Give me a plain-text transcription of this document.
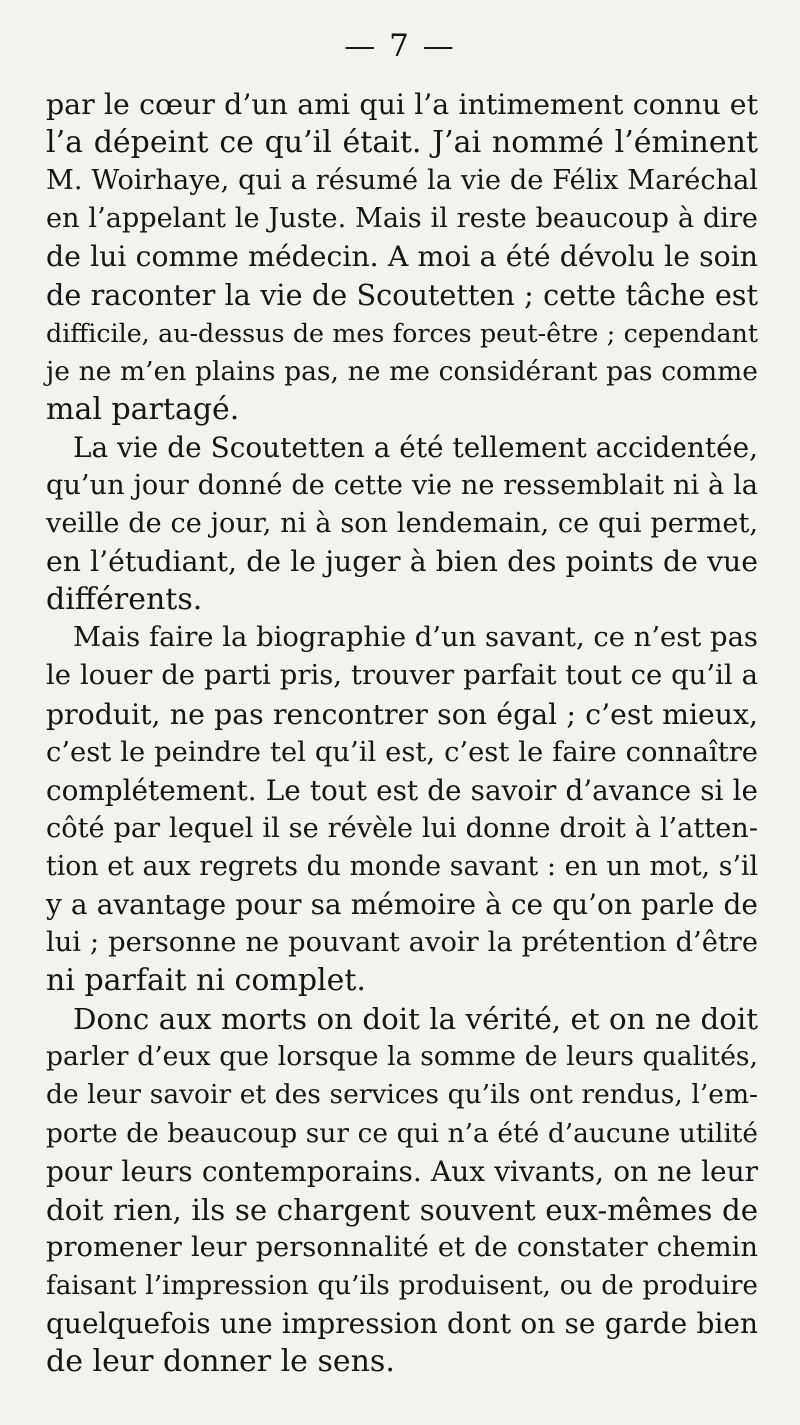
— 7 —
par le cœur d’un ami qui l’a intimement connu et
l’a dépeint ce qu’il était. J’ai nommé l’éminent
M. Woirhaye, qui a résumé la vie de Félix Maréchal
en l’appelant le Juste. Mais il reste beaucoup à dire
de lui comme médecin. A moi a été dévolu le soin
de raconter la vie de Scoutetten ; cette tâche est
difficile, au-dessus de mes forces peut-être ; cependant
je ne m’en plains pas, ne me considérant pas comme
mal partagé.
La vie de Scoutetten a été tellement accidentée,
qu’un jour donné de cette vie ne ressemblait ni à la
veille de ce jour, ni à son lendemain, ce qui permet,
en l’étudiant, de le juger à bien des points de vue
différents.
Mais faire la biographie d’un savant, ce n’est pas
le louer de parti pris, trouver parfait tout ce qu’il a
produit, ne pas rencontrer son égal ; c’est mieux,
c’est le peindre tel qu’il est, c’est le faire connaître
complétement. Le tout est de savoir d’avance si le
côté par lequel il se révèle lui donne droit à l’atten-
tion et aux regrets du monde savant : en un mot, s’il
y a avantage pour sa mémoire à ce qu’on parle de
lui ; personne ne pouvant avoir la prétention d’être
ni parfait ni complet.
Donc aux morts on doit la vérité, et on ne doit
parler d’eux que lorsque la somme de leurs qualités,
de leur savoir et des services qu’ils ont rendus, l’em-
porte de beaucoup sur ce qui n’a été d’aucune utilité
pour leurs contemporains. Aux vivants, on ne leur
doit rien, ils se chargent souvent eux-mêmes de
promener leur personnalité et de constater chemin
faisant l’impression qu’ils produisent, ou de produire
quelquefois une impression dont on se garde bien
de leur donner le sens.
